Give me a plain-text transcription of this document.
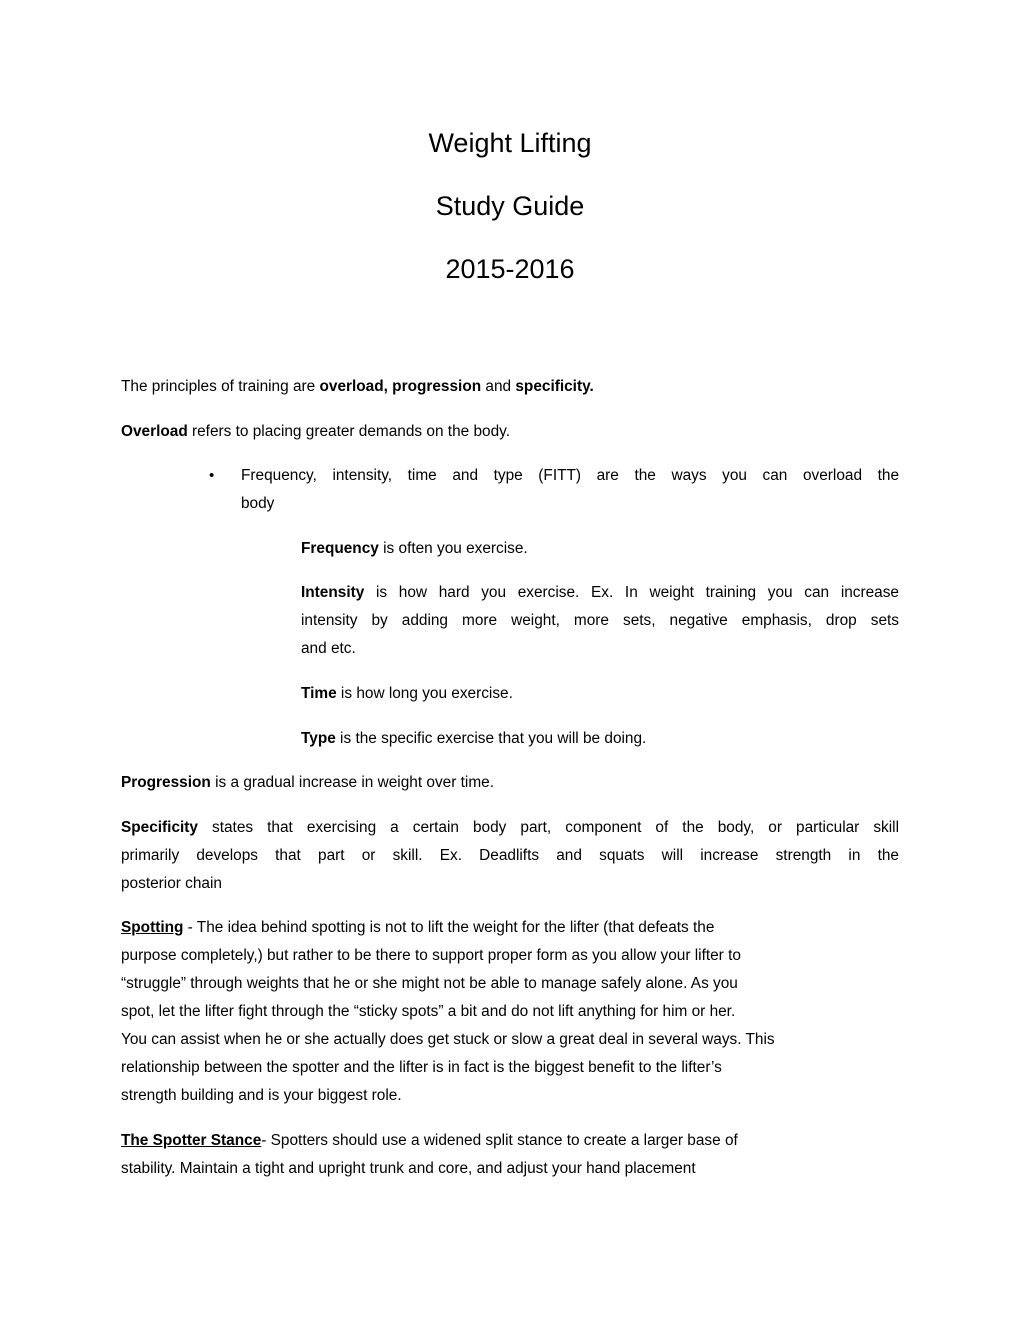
Weight Lifting
Study Guide
2015-2016
The principles of training are overload, progression and specificity.
Overload refers to placing greater demands on the body.
• Frequency, intensity, time and type (FITT) are the ways you can overload the
body
Frequency is often you exercise.
Intensity is how hard you exercise. Ex. In weight training you can increase
intensity by adding more weight, more sets, negative emphasis, drop sets
and etc.
Time is how long you exercise.
Type is the specific exercise that you will be doing.
Progression is a gradual increase in weight over time.
Specificity states that exercising a certain body part, component of the body, or particular skill
primarily develops that part or skill. Ex. Deadlifts and squats will increase strength in the
posterior chain
Spotting - The idea behind spotting is not to lift the weight for the lifter (that defeats the
purpose completely,) but rather to be there to support proper form as you allow your lifter to
“struggle” through weights that he or she might not be able to manage safely alone. As you
spot, let the lifter fight through the “sticky spots” a bit and do not lift anything for him or her.
You can assist when he or she actually does get stuck or slow a great deal in several ways. This
relationship between the spotter and the lifter is in fact is the biggest benefit to the lifter’s
strength building and is your biggest role.
The Spotter Stance- Spotters should use a widened split stance to create a larger base of
stability. Maintain a tight and upright trunk and core, and adjust your hand placement
